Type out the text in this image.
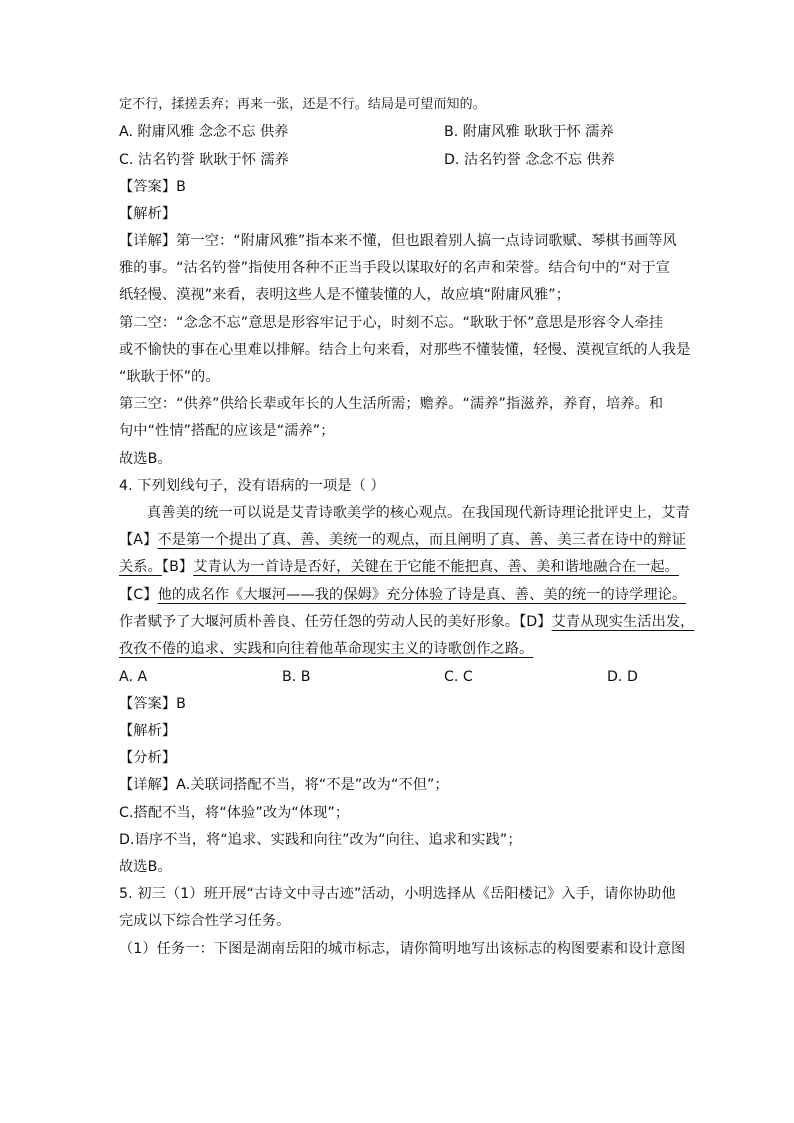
定不行，揉搓丢弃；再来一张，还是不行。结局是可望而知的。
A. 附庸风雅 念念不忘 供养	B. 附庸风雅 耿耿于怀 濡养
C. 沽名钓誉 耿耿于怀 濡养	D. 沽名钓誉 念念不忘 供养
【答案】B
【解析】
【详解】第一空：“附庸风雅”指本来不懂，但也跟着别人搞一点诗词歌赋、琴棋书画等风
雅的事。“沽名钓誉”指使用各种不正当手段以谋取好的名声和荣誉。结合句中的“对于宣
纸轻慢、漠视”来看，表明这些人是不懂装懂的人，故应填“附庸风雅”；
第二空：“念念不忘”意思是形容牢记于心，时刻不忘。“耿耿于怀”意思是形容令人牵挂
或不愉快的事在心里难以排解。结合上句来看，对那些不懂装懂，轻慢、漠视宣纸的人我是
“耿耿于怀”的。
第三空：“供养”供给长辈或年长的人生活所需；赡养。“濡养”指滋养，养育，培养。和
句中“性情”搭配的应该是“濡养”；
故选B。
4. 下列划线句子，没有语病的一项是（ ）
真善美的统一可以说是艾青诗歌美学的核心观点。在我国现代新诗理论批评史上，艾青
【A】不是第一个提出了真、善、美统一的观点，而且阐明了真、善、美三者在诗中的辩证
关系。【B】艾青认为一首诗是否好，关键在于它能不能把真、善、美和谐地融合在一起。
【C】他的成名作《大堰河——我的保姆》充分体验了诗是真、善、美的统一的诗学理论。
作者赋予了大堰河质朴善良、任劳任怨的劳动人民的美好形象。【D】艾青从现实生活出发，
孜孜不倦的追求、实践和向往着他革命现实主义的诗歌创作之路。
A. A	B. B	C. C	D. D
【答案】B
【解析】
【分析】
【详解】A.关联词搭配不当，将“不是”改为“不但”；
C.搭配不当，将“体验”改为“体现”；
D.语序不当，将“追求、实践和向往”改为“向往、追求和实践”；
故选B。
5. 初三（1）班开展“古诗文中寻古迹”活动，小明选择从《岳阳楼记》入手，请你协助他
完成以下综合性学习任务。
（1）任务一：下图是湖南岳阳的城市标志，请你简明地写出该标志的构图要素和设计意图
